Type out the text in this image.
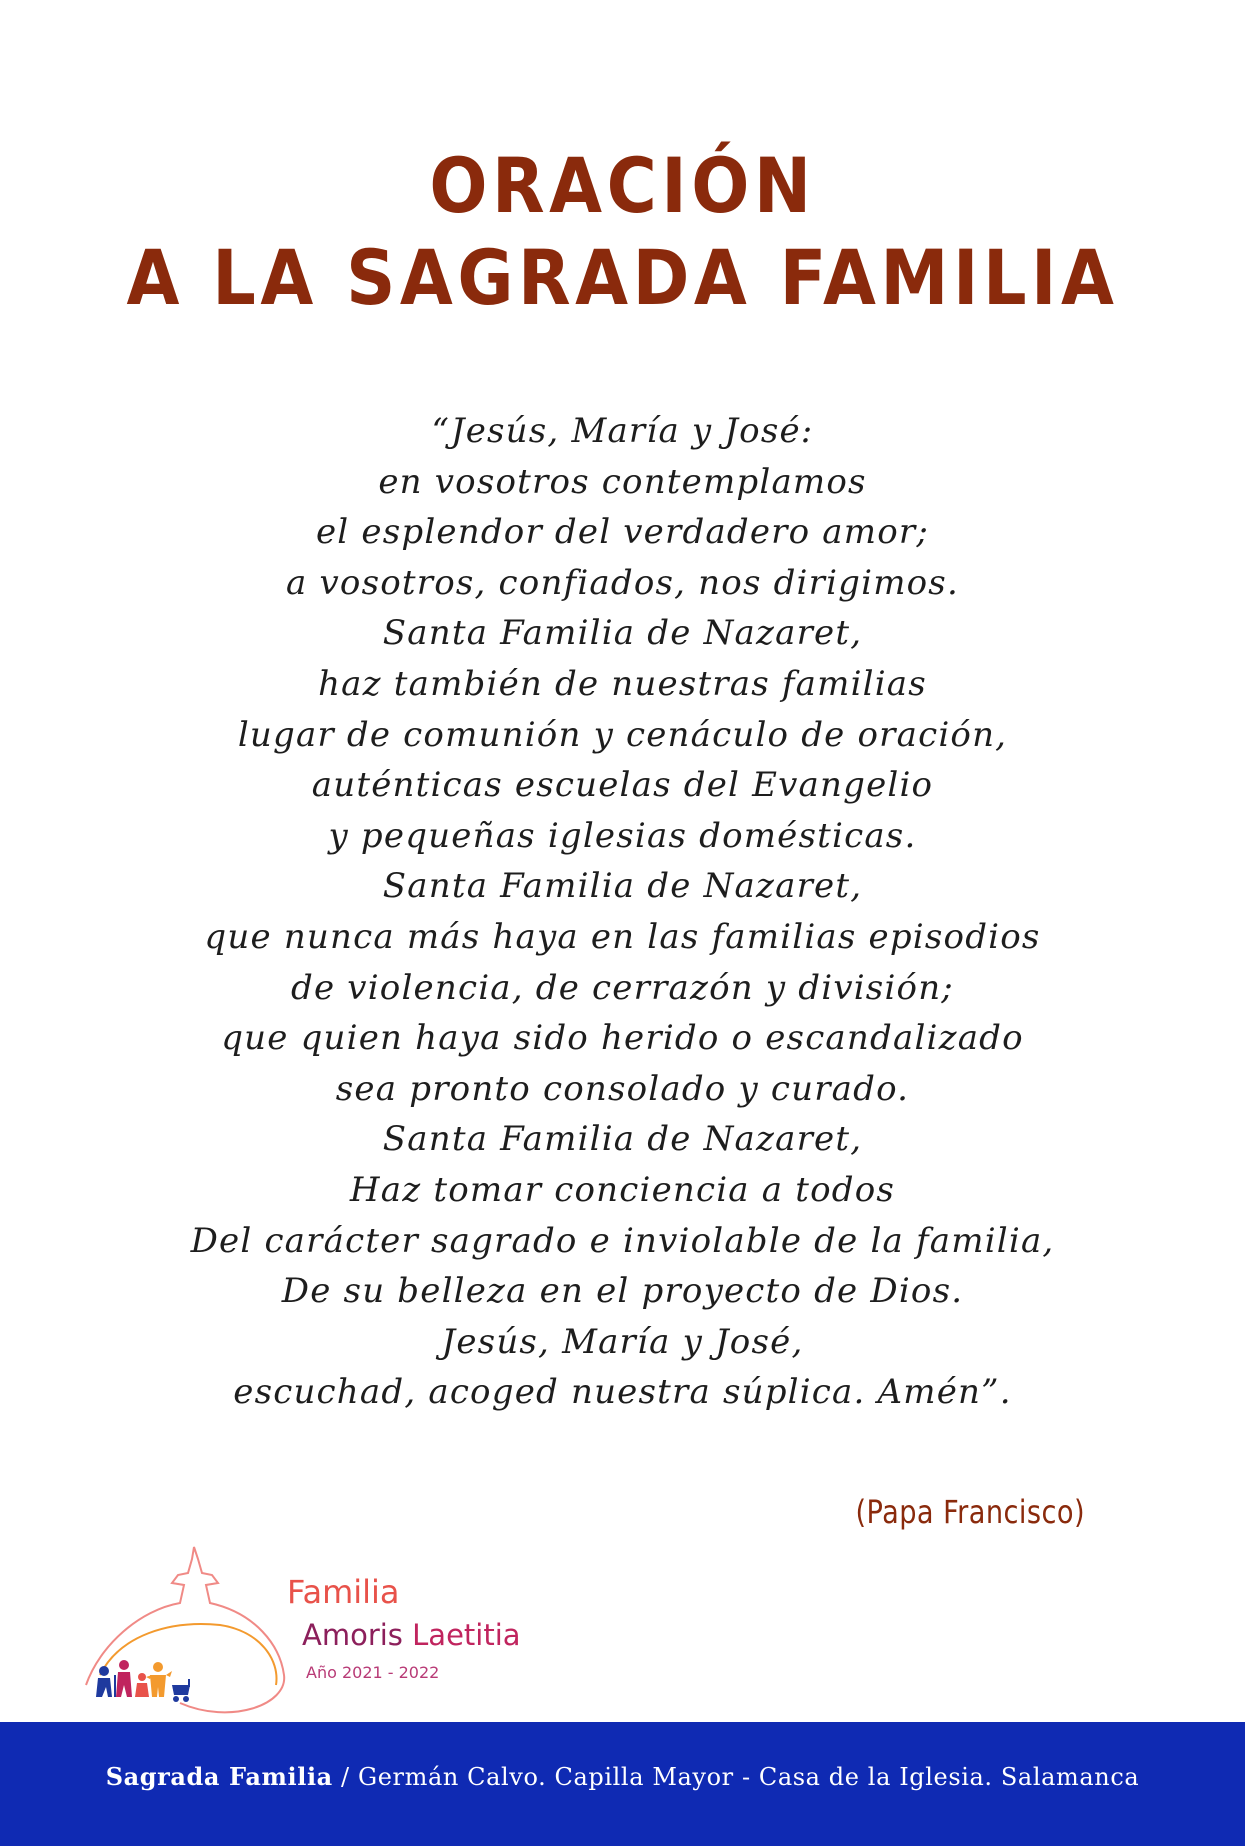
ORACIÓN
A LA SAGRADA FAMILIA
“Jesús, María y José:
en vosotros contemplamos
el esplendor del verdadero amor;
a vosotros, confiados, nos dirigimos.
Santa Familia de Nazaret,
haz también de nuestras familias
lugar de comunión y cenáculo de oración,
auténticas escuelas del Evangelio
y pequeñas iglesias domésticas.
Santa Familia de Nazaret,
que nunca más haya en las familias episodios
de violencia, de cerrazón y división;
que quien haya sido herido o escandalizado
sea pronto consolado y curado.
Santa Familia de Nazaret,
Haz tomar conciencia a todos
Del carácter sagrado e inviolable de la familia,
De su belleza en el proyecto de Dios.
Jesús, María y José,
escuchad, acoged nuestra súplica. Amén”.
(Papa Francisco)
Familia
Amoris Laetitia
Año 2021 - 2022
Sagrada Familia / Germán Calvo. Capilla Mayor - Casa de la Iglesia. Salamanca
